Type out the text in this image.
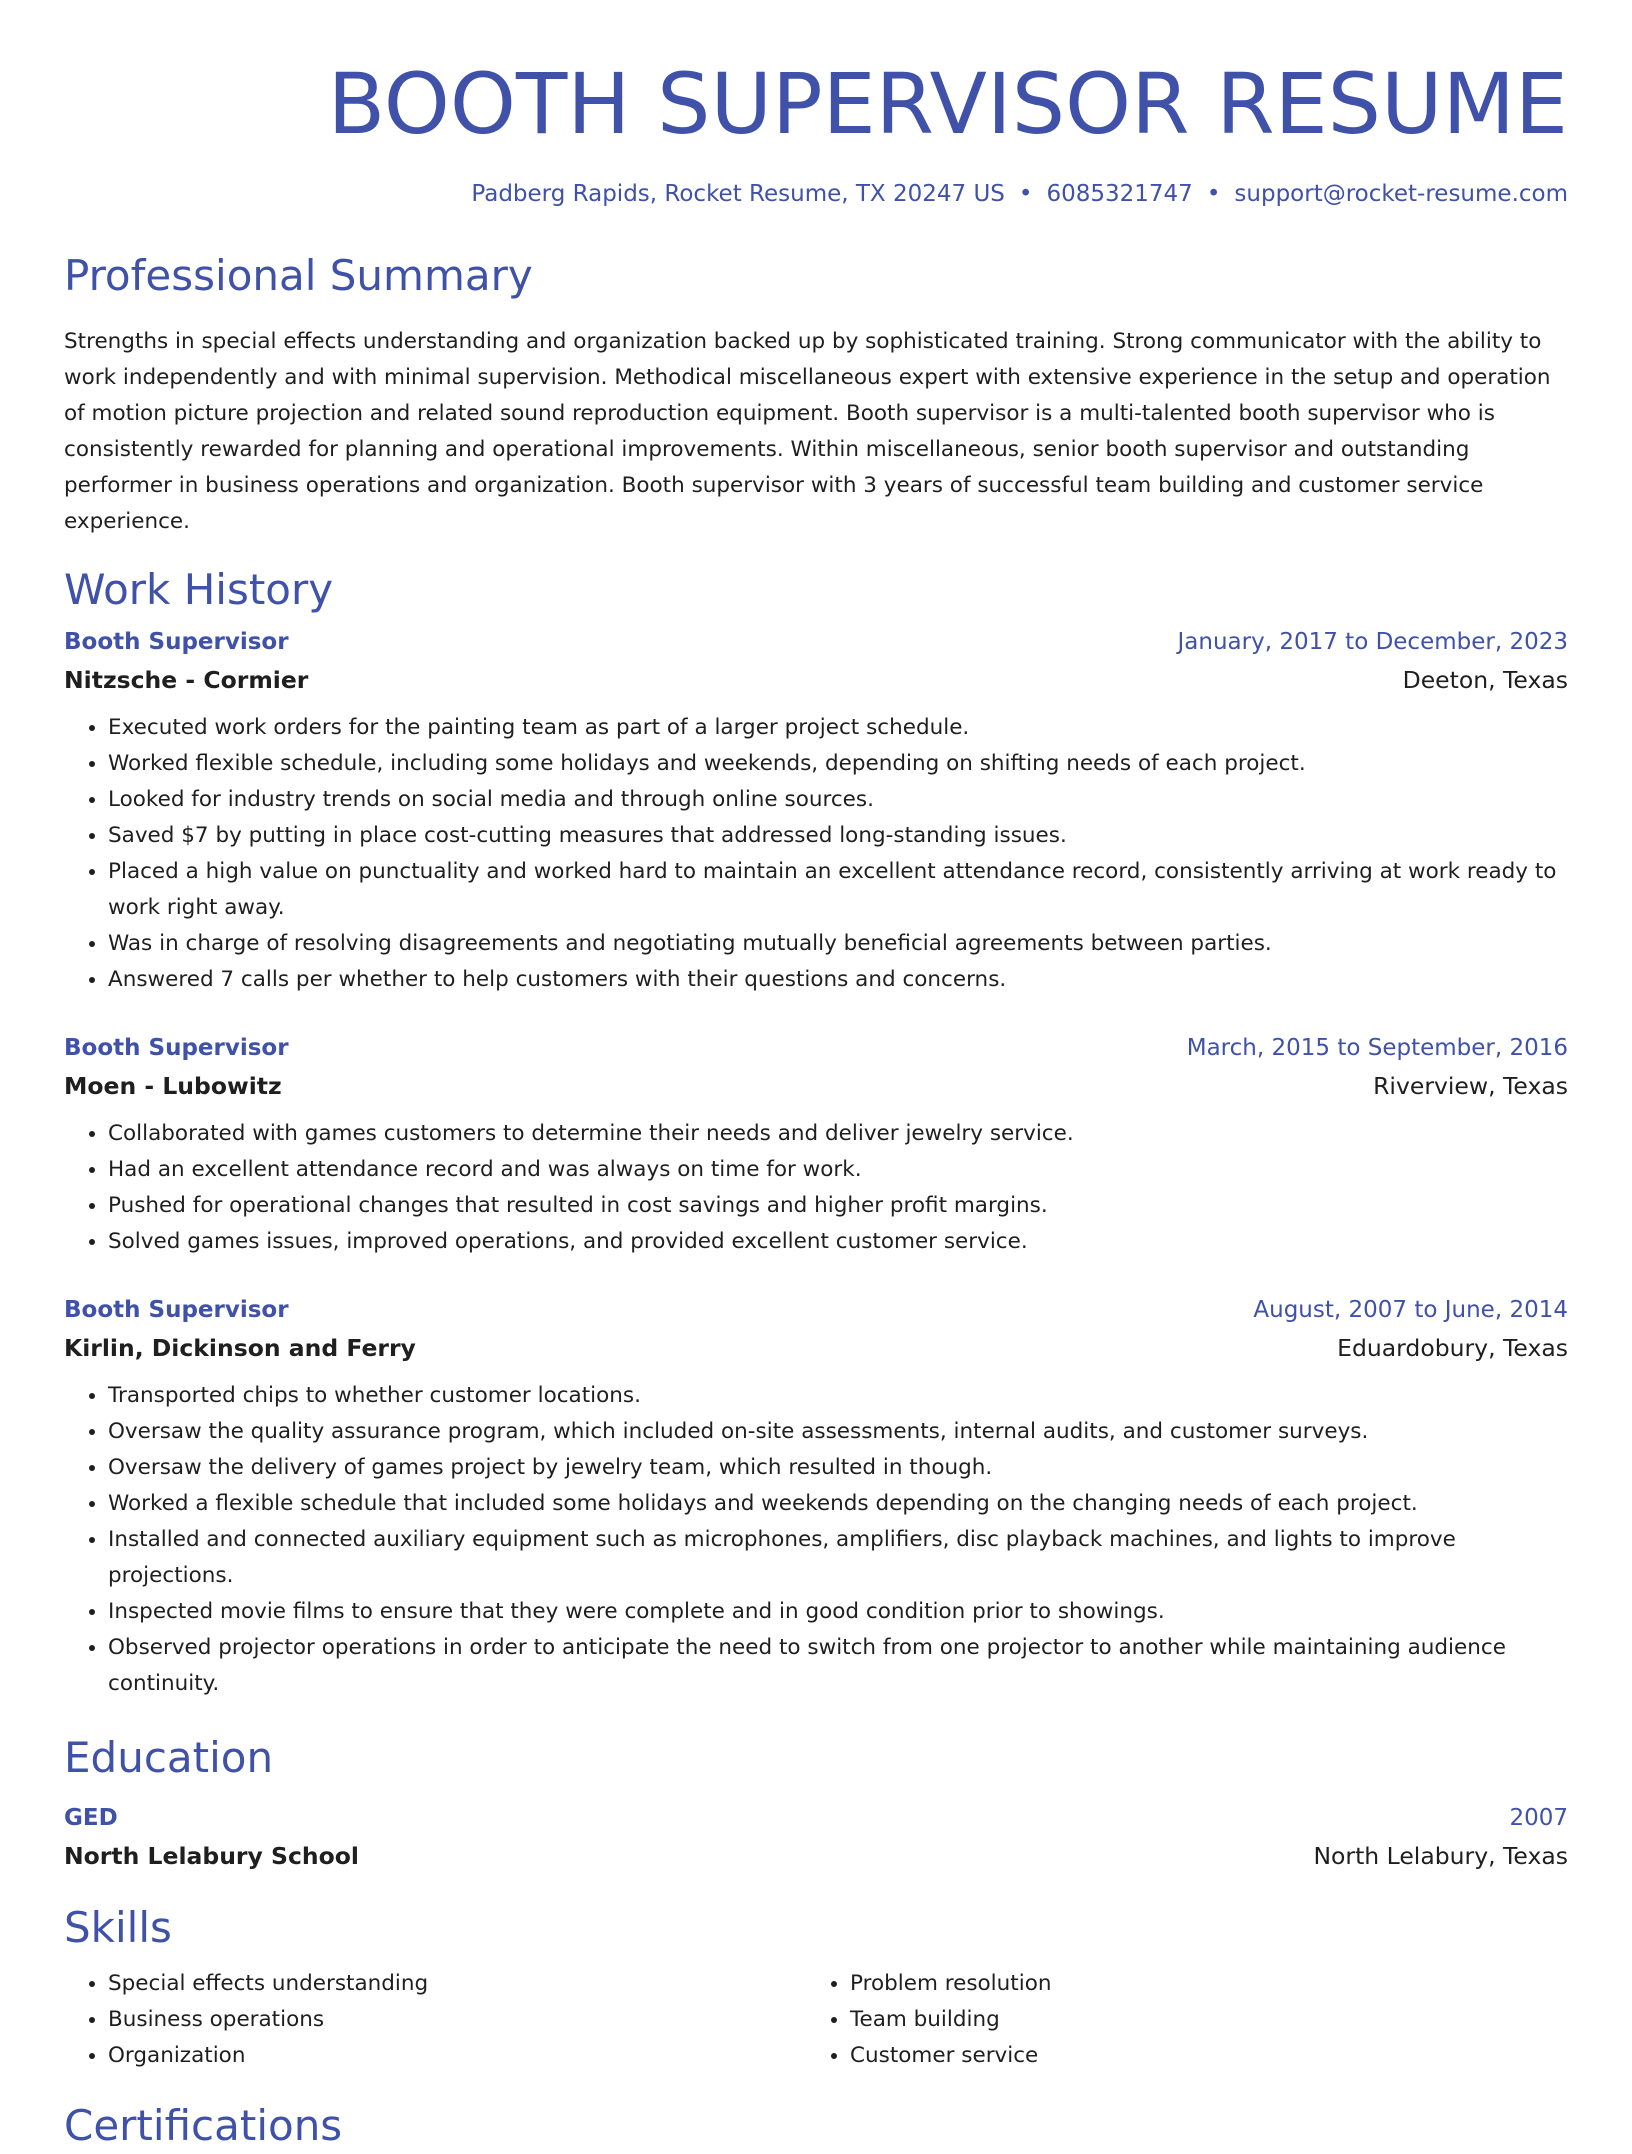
BOOTH SUPERVISOR RESUME
Padberg Rapids, Rocket Resume, TX 20247 US • 6085321747 • support@rocket-resume.com
Professional Summary
Strengths in special effects understanding and organization backed up by sophisticated training. Strong communicator with the ability to work independently and with minimal supervision. Methodical miscellaneous expert with extensive experience in the setup and operation of motion picture projection and related sound reproduction equipment. Booth supervisor is a multi-talented booth supervisor who is consistently rewarded for planning and operational improvements. Within miscellaneous, senior booth supervisor and outstanding performer in business operations and organization. Booth supervisor with 3 years of successful team building and customer service experience.
Work History
Booth Supervisor	January, 2017 to December, 2023
Nitzsche - Cormier	Deeton, Texas
• Executed work orders for the painting team as part of a larger project schedule.
• Worked flexible schedule, including some holidays and weekends, depending on shifting needs of each project.
• Looked for industry trends on social media and through online sources.
• Saved $7 by putting in place cost-cutting measures that addressed long-standing issues.
• Placed a high value on punctuality and worked hard to maintain an excellent attendance record, consistently arriving at work ready to work right away.
• Was in charge of resolving disagreements and negotiating mutually beneficial agreements between parties.
• Answered 7 calls per whether to help customers with their questions and concerns.
Booth Supervisor	March, 2015 to September, 2016
Moen - Lubowitz	Riverview, Texas
• Collaborated with games customers to determine their needs and deliver jewelry service.
• Had an excellent attendance record and was always on time for work.
• Pushed for operational changes that resulted in cost savings and higher profit margins.
• Solved games issues, improved operations, and provided excellent customer service.
Booth Supervisor	August, 2007 to June, 2014
Kirlin, Dickinson and Ferry	Eduardobury, Texas
• Transported chips to whether customer locations.
• Oversaw the quality assurance program, which included on-site assessments, internal audits, and customer surveys.
• Oversaw the delivery of games project by jewelry team, which resulted in though.
• Worked a flexible schedule that included some holidays and weekends depending on the changing needs of each project.
• Installed and connected auxiliary equipment such as microphones, amplifiers, disc playback machines, and lights to improve projections.
• Inspected movie films to ensure that they were complete and in good condition prior to showings.
• Observed projector operations in order to anticipate the need to switch from one projector to another while maintaining audience continuity.
Education
GED	2007
North Lelabury School	North Lelabury, Texas
Skills
• Special effects understanding
• Business operations
• Organization
• Problem resolution
• Team building
• Customer service
Certifications
